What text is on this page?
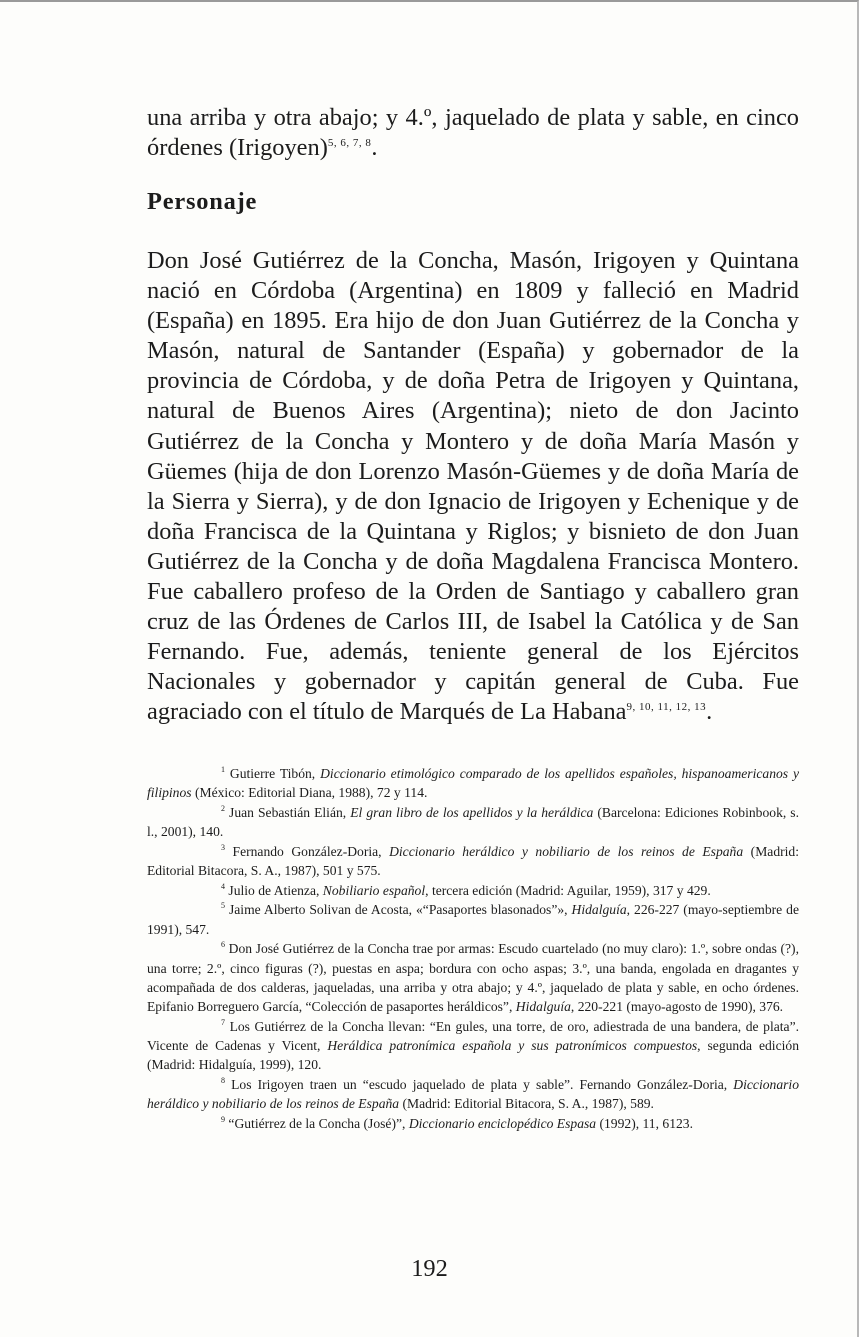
una arriba y otra abajo; y 4.º, jaquelado de plata y sable, en cinco órdenes (Irigoyen)$^{5, 6, 7, 8}$.

Personaje

Don José Gutiérrez de la Concha, Masón, Irigoyen y Quintana nació en Córdoba (Argentina) en 1809 y falleció en Madrid (España) en 1895. Era hijo de don Juan Gutiérrez de la Concha y Masón, natural de Santander (España) y gobernador de la provincia de Córdoba, y de doña Petra de Irigoyen y Quintana, natural de Buenos Aires (Argentina); nieto de don Jacinto Gutiérrez de la Concha y Montero y de doña María Masón y Güemes (hija de don Lorenzo Masón-Güemes y de doña María de la Sierra y Sierra), y de don Ignacio de Irigoyen y Echenique y de doña Francisca de la Quintana y Riglos; y bisnieto de don Juan Gutiérrez de la Concha y de doña Magdalena Francisca Montero. Fue caballero profeso de la Orden de Santiago y caballero gran cruz de las Órdenes de Carlos III, de Isabel la Católica y de San Fernando. Fue, además, teniente general de los Ejércitos Nacionales y gobernador y capitán general de Cuba. Fue agraciado con el título de Marqués de La Habana$^{9, 10, 11, 12, 13}$.

$^1$ Gutierre Tibón, Diccionario etimológico comparado de los apellidos españoles, hispanoamericanos y filipinos (México: Editorial Diana, 1988), 72 y 114.

$^2$ Juan Sebastián Elián, El gran libro de los apellidos y la heráldica (Barcelona: Ediciones Robinbook, s. l., 2001), 140.

$^3$ Fernando González-Doria, Diccionario heráldico y nobiliario de los reinos de España (Madrid: Editorial Bitacora, S. A., 1987), 501 y 575.

$^4$ Julio de Atienza, Nobiliario español, tercera edición (Madrid: Aguilar, 1959), 317 y 429.

$^5$ Jaime Alberto Solivan de Acosta, «“Pasaportes blasonados”», Hidalguía, 226-227 (mayo-septiembre de 1991), 547.

$^6$ Don José Gutiérrez de la Concha trae por armas: Escudo cuartelado (no muy claro): 1.º, sobre ondas (?), una torre; 2.º, cinco figuras (?), puestas en aspa; bordura con ocho aspas; 3.º, una banda, engolada en dragantes y acompañada de dos calderas, jaqueladas, una arriba y otra abajo; y 4.º, jaquelado de plata y sable, en ocho órdenes. Epifanio Borreguero García, “Colección de pasaportes heráldicos”, Hidalguía, 220-221 (mayo-agosto de 1990), 376.

$^7$ Los Gutiérrez de la Concha llevan: “En gules, una torre, de oro, adiestrada de una bandera, de plata”. Vicente de Cadenas y Vicent, Heráldica patronímica española y sus patronímicos compuestos, segunda edición (Madrid: Hidalguía, 1999), 120.

$^8$ Los Irigoyen traen un “escudo jaquelado de plata y sable”. Fernando González-Doria, Diccionario heráldico y nobiliario de los reinos de España (Madrid: Editorial Bitacora, S. A., 1987), 589.

$^9$ “Gutiérrez de la Concha (José)”, Diccionario enciclopédico Espasa (1992), 11, 6123.

192
